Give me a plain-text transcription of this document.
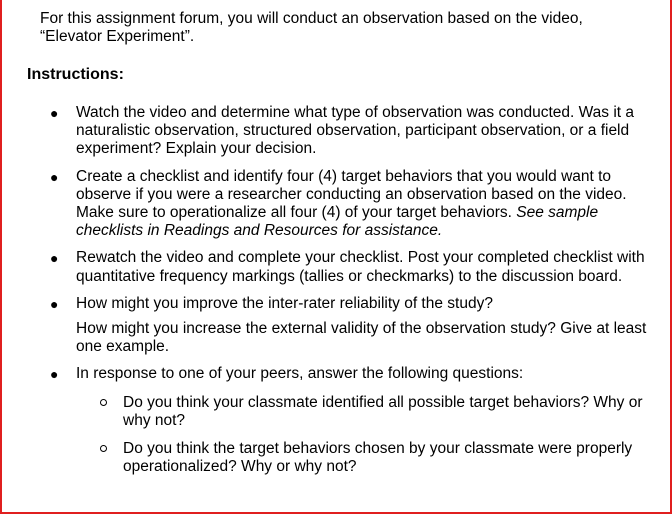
For this assignment forum, you will conduct an observation based on the video, “Elevator Experiment”.
Instructions:
● Watch the video and determine what type of observation was conducted. Was it a naturalistic observation, structured observation, participant observation, or a field experiment? Explain your decision.
● Create a checklist and identify four (4) target behaviors that you would want to observe if you were a researcher conducting an observation based on the video. Make sure to operationalize all four (4) of your target behaviors. See sample checklists in Readings and Resources for assistance.
● Rewatch the video and complete your checklist. Post your completed checklist with quantitative frequency markings (tallies or checkmarks) to the discussion board.
● How might you improve the inter-rater reliability of the study?
How might you increase the external validity of the observation study? Give at least one example.
● In response to one of your peers, answer the following questions:
Do you think your classmate identified all possible target behaviors? Why or why not?
Do you think the target behaviors chosen by your classmate were properly operationalized? Why or why not?
